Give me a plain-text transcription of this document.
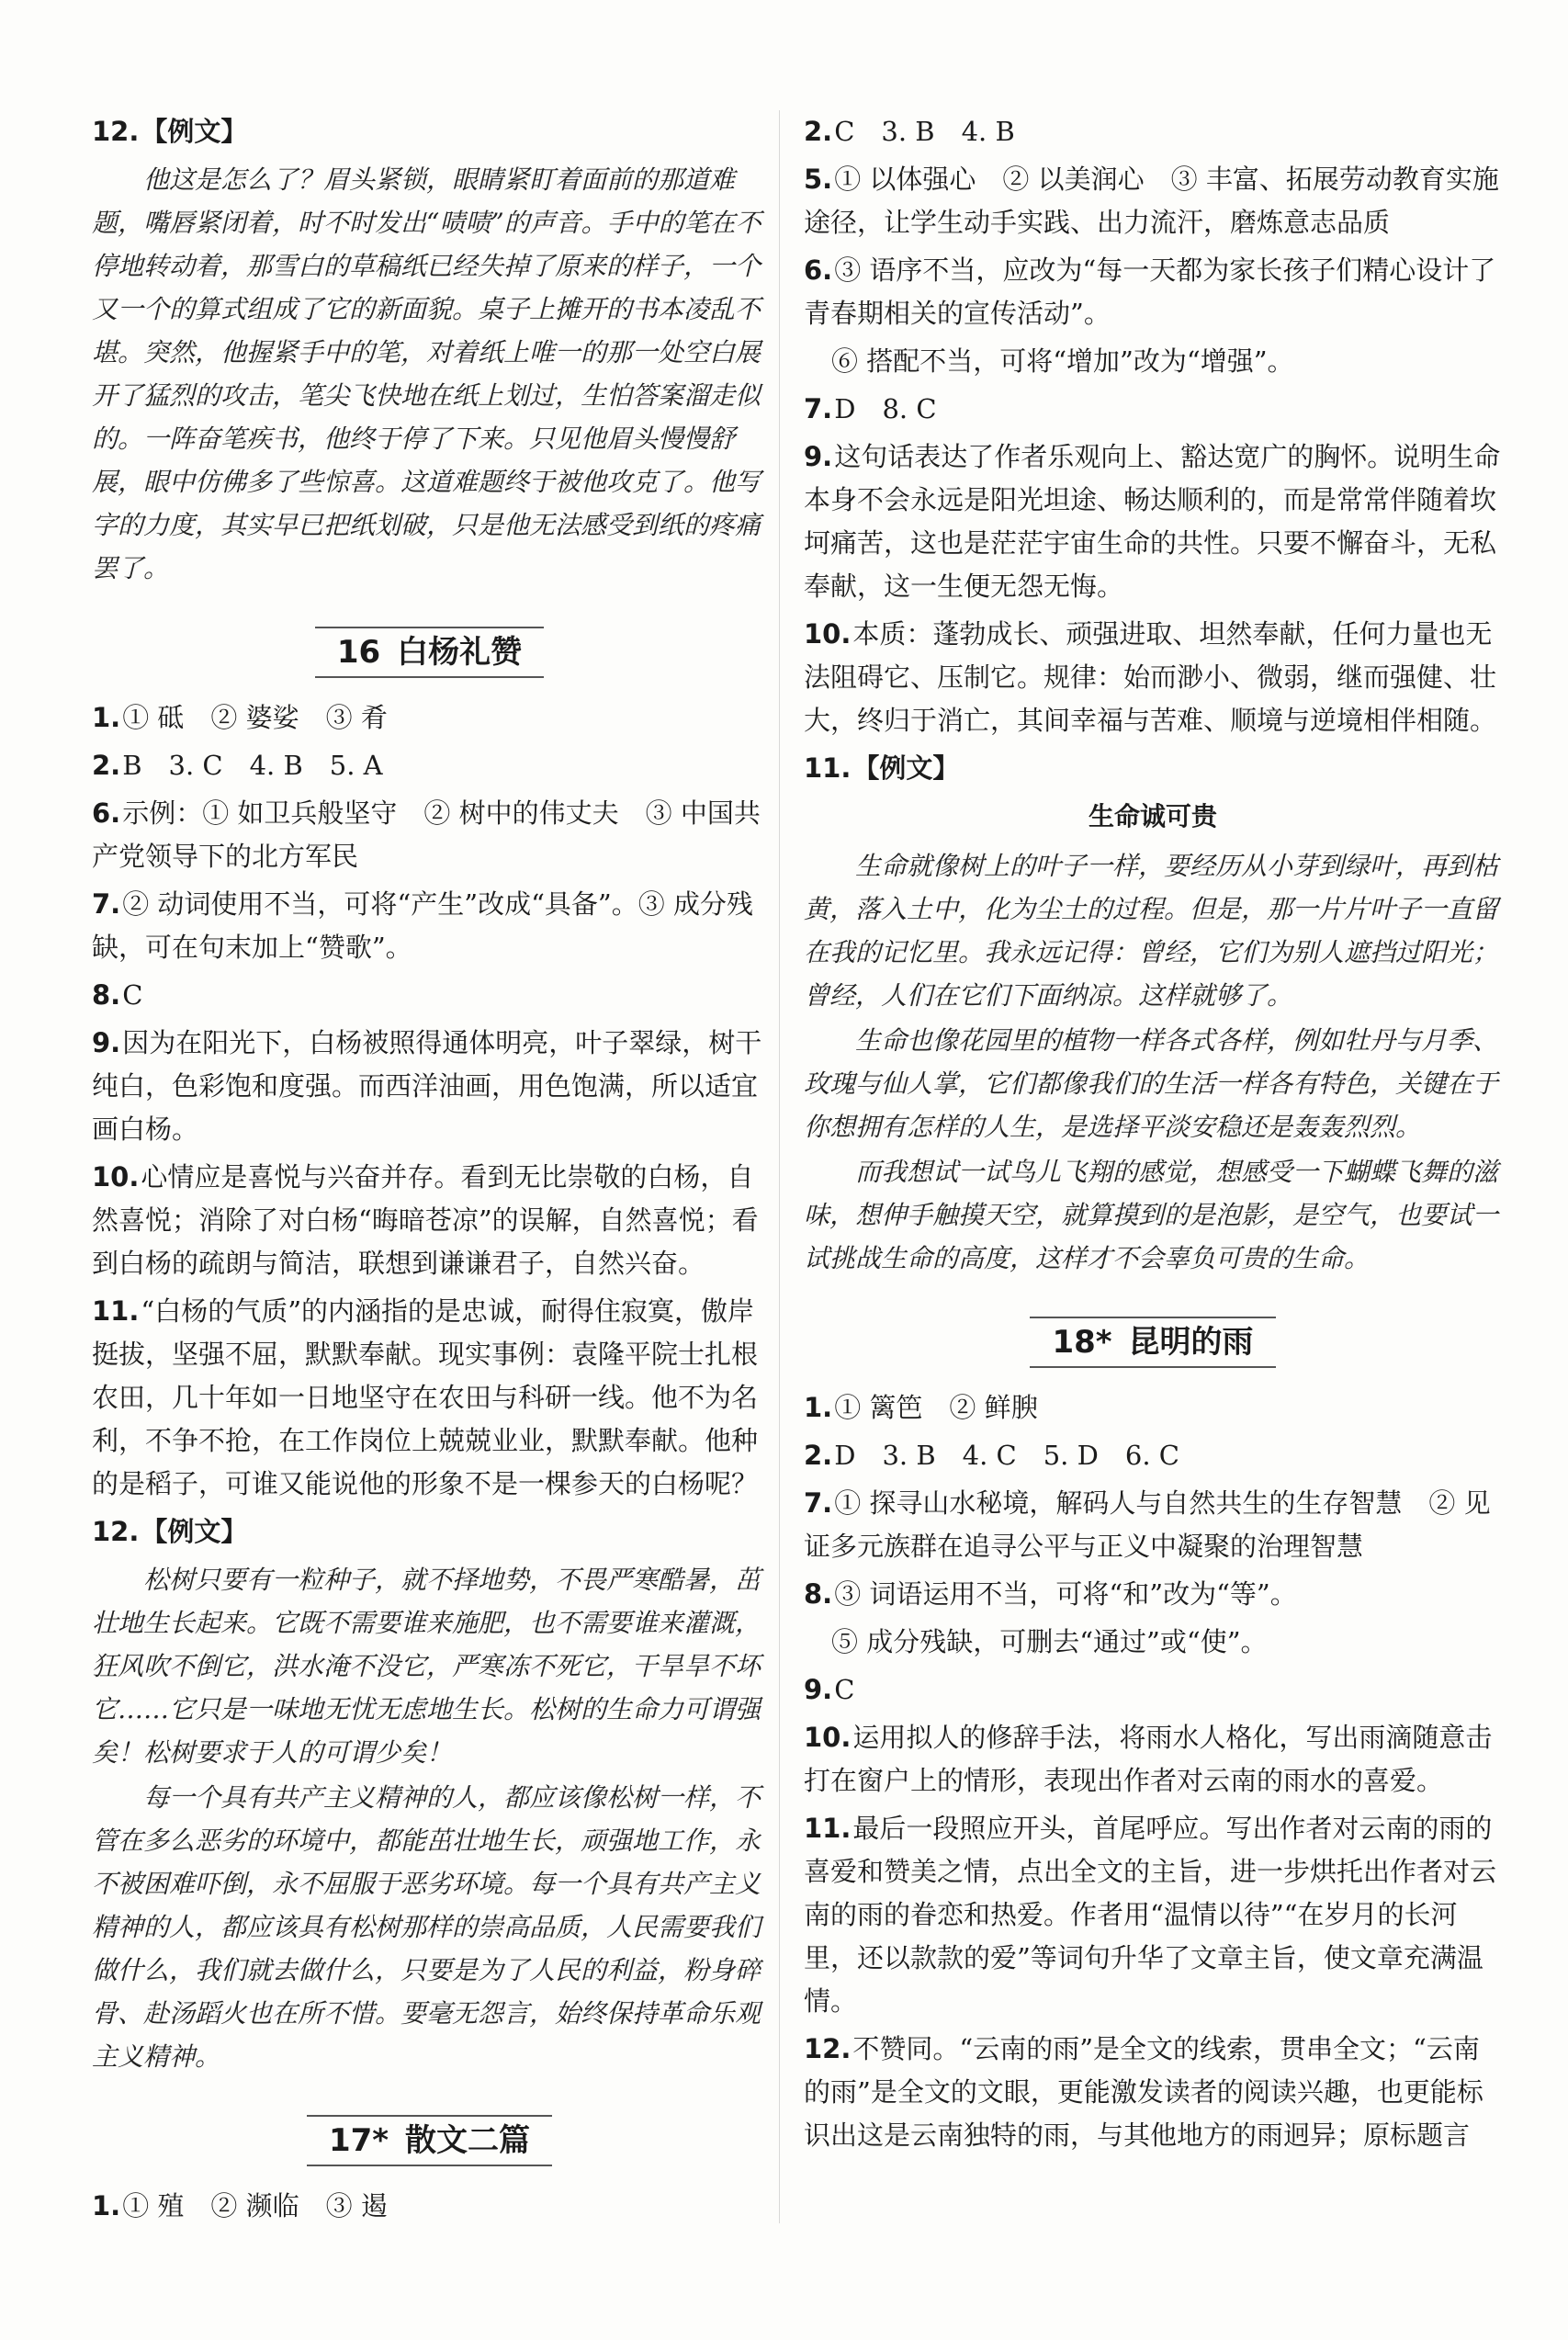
12.【例文】

他这是怎么了？眉头紧锁，眼睛紧盯着面前的那道难题，嘴唇紧闭着，时不时发出“啧啧”的声音。手中的笔在不停地转动着，那雪白的草稿纸已经失掉了原来的样子，一个又一个的算式组成了它的新面貌。桌子上摊开的书本凌乱不堪。突然，他握紧手中的笔，对着纸上唯一的那一处空白展开了猛烈的攻击，笔尖飞快地在纸上划过，生怕答案溜走似的。一阵奋笔疾书，他终于停了下来。只见他眉头慢慢舒展，眼中仿佛多了些惊喜。这道难题终于被他攻克了。他写字的力度，其实早已把纸划破，只是他无法感受到纸的疼痛罢了。

16 白杨礼赞
1.① 砥　② 婆娑　③ 肴
2.B　3. C　4. B　5. A
6.示例：① 如卫兵般坚守　② 树中的伟丈夫　③ 中国共产党领导下的北方军民
7.② 动词使用不当，可将“产生”改成“具备”。③ 成分残缺，可在句末加上“赞歌”。
8.C
9.因为在阳光下，白杨被照得通体明亮，叶子翠绿，树干纯白，色彩饱和度强。而西洋油画，用色饱满，所以适宜画白杨。
10.心情应是喜悦与兴奋并存。看到无比崇敬的白杨，自然喜悦；消除了对白杨“晦暗苍凉”的误解，自然喜悦；看到白杨的疏朗与简洁，联想到谦谦君子，自然兴奋。
11.“白杨的气质”的内涵指的是忠诚，耐得住寂寞，傲岸挺拔，坚强不屈，默默奉献。现实事例：袁隆平院士扎根农田，几十年如一日地坚守在农田与科研一线。他不为名利，不争不抢，在工作岗位上兢兢业业，默默奉献。他种的是稻子，可谁又能说他的形象不是一棵参天的白杨呢？
12.【例文】

松树只要有一粒种子，就不择地势，不畏严寒酷暑，茁壮地生长起来。它既不需要谁来施肥，也不需要谁来灌溉，狂风吹不倒它，洪水淹不没它，严寒冻不死它，干旱旱不坏它……它只是一味地无忧无虑地生长。松树的生命力可谓强矣！松树要求于人的可谓少矣！

每一个具有共产主义精神的人，都应该像松树一样，不管在多么恶劣的环境中，都能茁壮地生长，顽强地工作，永不被困难吓倒，永不屈服于恶劣环境。每一个具有共产主义精神的人，都应该具有松树那样的崇高品质，人民需要我们做什么，我们就去做什么，只要是为了人民的利益，粉身碎骨、赴汤蹈火也在所不惜。要毫无怨言，始终保持革命乐观主义精神。

17* 散文二篇
1.① 殖　② 濒临　③ 遏
2.C　3. B　4. B
5.① 以体强心　② 以美润心　③ 丰富、拓展劳动教育实施途径，让学生动手实践、出力流汗，磨炼意志品质
6.③ 语序不当，应改为“每一天都为家长孩子们精心设计了青春期相关的宣传活动”。
⑥ 搭配不当，可将“增加”改为“增强”。
7.D　8. C
9.这句话表达了作者乐观向上、豁达宽广的胸怀。说明生命本身不会永远是阳光坦途、畅达顺利的，而是常常伴随着坎坷痛苦，这也是茫茫宇宙生命的共性。只要不懈奋斗，无私奉献，这一生便无怨无悔。
10.本质：蓬勃成长、顽强进取、坦然奉献，任何力量也无法阻碍它、压制它。规律：始而渺小、微弱，继而强健、壮大，终归于消亡，其间幸福与苦难、顺境与逆境相伴相随。
11.【例文】
生命诚可贵

生命就像树上的叶子一样，要经历从小芽到绿叶，再到枯黄，落入土中，化为尘土的过程。但是，那一片片叶子一直留在我的记忆里。我永远记得：曾经，它们为别人遮挡过阳光；曾经，人们在它们下面纳凉。这样就够了。

生命也像花园里的植物一样各式各样，例如牡丹与月季、玫瑰与仙人掌，它们都像我们的生活一样各有特色，关键在于你想拥有怎样的人生，是选择平淡安稳还是轰轰烈烈。

而我想试一试鸟儿飞翔的感觉，想感受一下蝴蝶飞舞的滋味，想伸手触摸天空，就算摸到的是泡影，是空气，也要试一试挑战生命的高度，这样才不会辜负可贵的生命。

18* 昆明的雨
1.① 篱笆　② 鲜腴
2.D　3. B　4. C　5. D　6. C
7.① 探寻山水秘境，解码人与自然共生的生存智慧　② 见证多元族群在追寻公平与正义中凝聚的治理智慧
8.③ 词语运用不当，可将“和”改为“等”。
⑤ 成分残缺，可删去“通过”或“使”。
9.C
10.运用拟人的修辞手法，将雨水人格化，写出雨滴随意击打在窗户上的情形，表现出作者对云南的雨水的喜爱。
11.最后一段照应开头，首尾呼应。写出作者对云南的雨的喜爱和赞美之情，点出全文的主旨，进一步烘托出作者对云南的雨的眷恋和热爱。作者用“温情以待”“在岁月的长河里，还以款款的爱”等词句升华了文章主旨，使文章充满温情。
12.不赞同。“云南的雨”是全文的线索，贯串全文；“云南的雨”是全文的文眼，更能激发读者的阅读兴趣，也更能标识出这是云南独特的雨，与其他地方的雨迥异；原标题言
